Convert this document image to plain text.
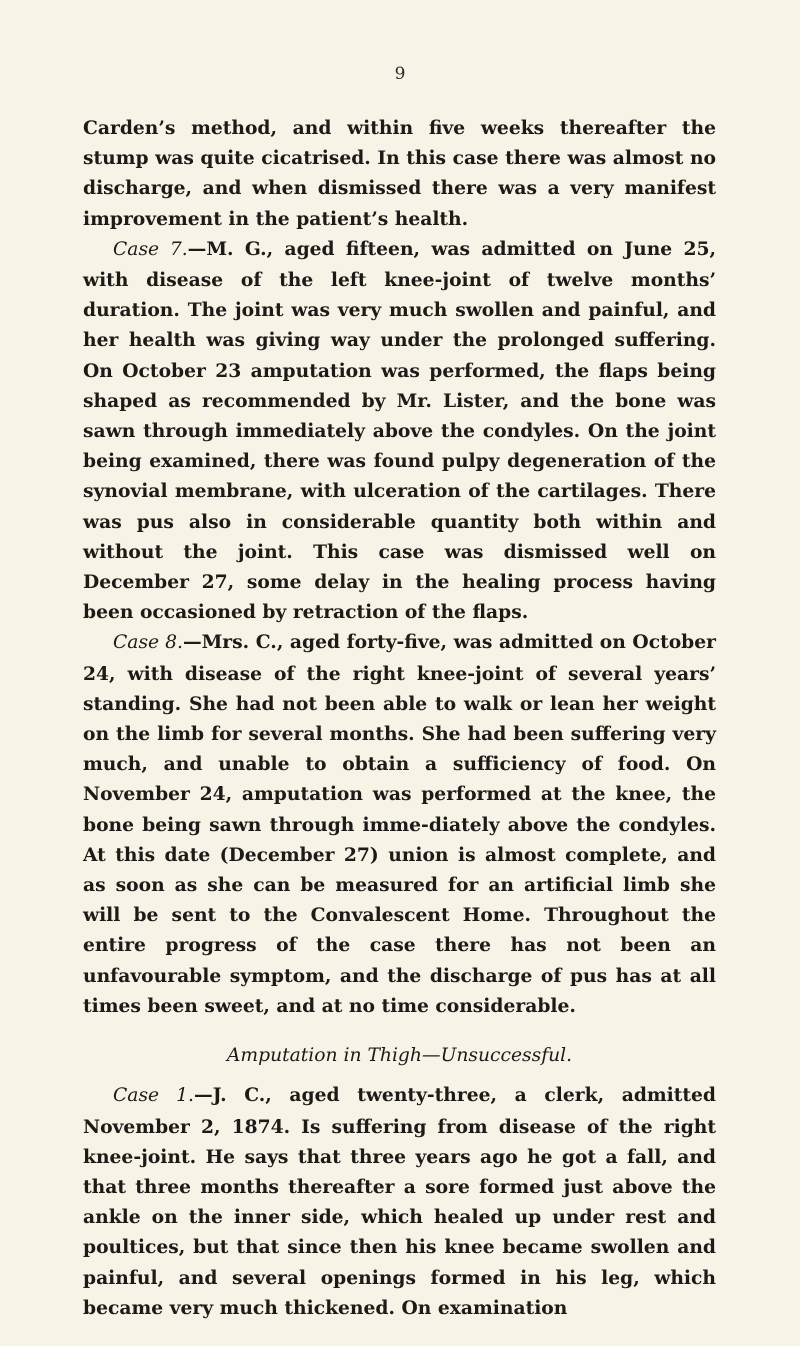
9

Carden’s method, and within five weeks thereafter the stump was quite cicatrised. In this case there was almost no discharge, and when dismissed there was a very manifest improvement in the patient’s health.

Case 7.—M. G., aged fifteen, was admitted on June 25, with disease of the left knee-joint of twelve months’ duration. The joint was very much swollen and painful, and her health was giving way under the prolonged suffering. On October 23 amputation was performed, the flaps being shaped as recommended by Mr. Lister, and the bone was sawn through immediately above the condyles. On the joint being examined, there was found pulpy degeneration of the synovial membrane, with ulceration of the cartilages. There was pus also in considerable quantity both within and without the joint. This case was dismissed well on December 27, some delay in the healing process having been occasioned by retraction of the flaps.

Case 8.—Mrs. C., aged forty-five, was admitted on October 24, with disease of the right knee-joint of several years’ standing. She had not been able to walk or lean her weight on the limb for several months. She had been suffering very much, and unable to obtain a sufficiency of food. On November 24, amputation was performed at the knee, the bone being sawn through imme-diately above the condyles. At this date (December 27) union is almost complete, and as soon as she can be measured for an artificial limb she will be sent to the Convalescent Home. Throughout the entire progress of the case there has not been an unfavourable symptom, and the discharge of pus has at all times been sweet, and at no time considerable.

Amputation in Thigh—Unsuccessful.

Case 1.—J. C., aged twenty-three, a clerk, admitted November 2, 1874. Is suffering from disease of the right knee-joint. He says that three years ago he got a fall, and that three months thereafter a sore formed just above the ankle on the inner side, which healed up under rest and poultices, but that since then his knee became swollen and painful, and several openings formed in his leg, which became very much thickened. On examination
